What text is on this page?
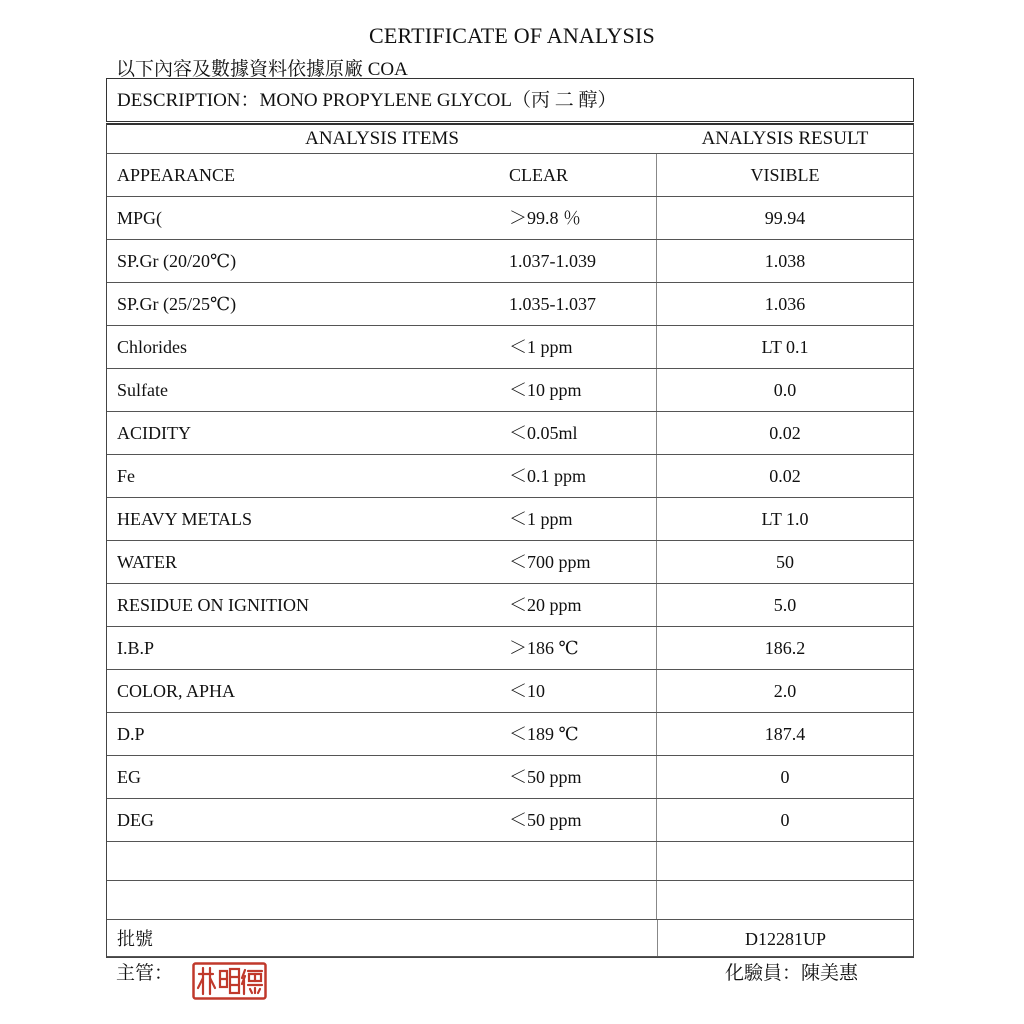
CERTIFICATE OF ANALYSIS
以下內容及數據資料依據原廠 COA
DESCRIPTION：MONO PROPYLENE GLYCOL（丙 二 醇）
ANALYSIS ITEMS	ANALYSIS RESULT
APPEARANCE	CLEAR	VISIBLE
MPG(	＞99.8 ％	99.94
SP.Gr (20/20℃)	1.037-1.039	1.038
SP.Gr (25/25℃)	1.035-1.037	1.036
Chlorides	＜1 ppm	LT 0.1
Sulfate	＜10 ppm	0.0
ACIDITY	＜0.05ml	0.02
Fe	＜0.1 ppm	0.02
HEAVY METALS	＜1 ppm	LT 1.0
WATER	＜700 ppm	50
RESIDUE ON IGNITION	＜20 ppm	5.0
I.B.P	＞186 ℃	186.2
COLOR, APHA	＜10	2.0
D.P	＜189 ℃	187.4
EG	＜50 ppm	0
DEG	＜50 ppm	0
批號	D12281UP
主管：	化驗員：陳美惠
